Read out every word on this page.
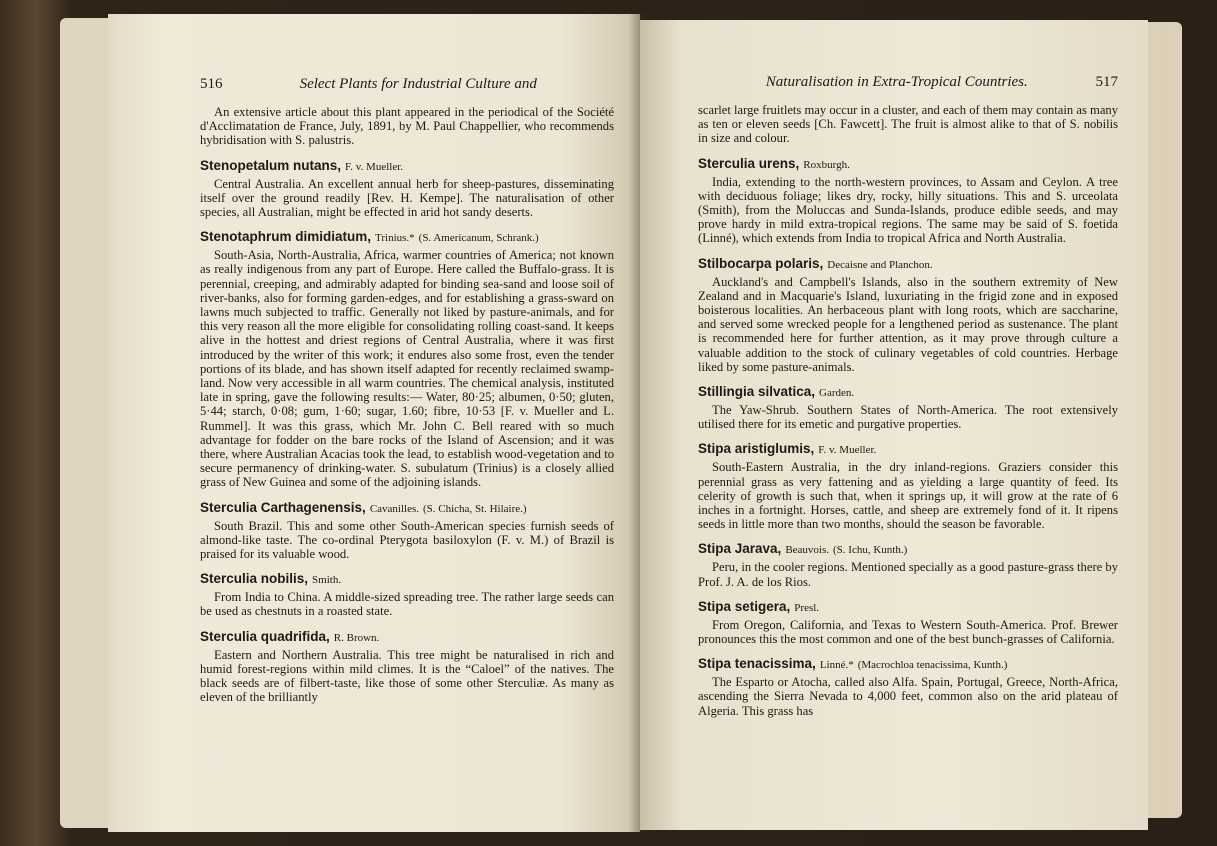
516	Select Plants for Industrial Culture and

An extensive article about this plant appeared in the periodical of the Société d'Acclimatation de France, July, 1891, by M. Paul Chappellier, who recommends hybridisation with S. palustris.

Stenopetalum nutans, F. v. Mueller.

Central Australia. An excellent annual herb for sheep-pastures, disseminating itself over the ground readily [Rev. H. Kempe]. The naturalisation of other species, all Australian, might be effected in arid hot sandy deserts.

Stenotaphrum dimidiatum, Trinius.* (S. Americanum, Schrank.)

South-Asia, North-Australia, Africa, warmer countries of America; not known as really indigenous from any part of Europe. Here called the Buffalo-grass. It is perennial, creeping, and admirably adapted for binding sea-sand and loose soil of river-banks, also for forming garden-edges, and for establishing a grass-sward on lawns much subjected to traffic. Generally not liked by pasture-animals, and for this very reason all the more eligible for consolidating rolling coast-sand. It keeps alive in the hottest and driest regions of Central Australia, where it was first introduced by the writer of this work; it endures also some frost, even the tender portions of its blade, and has shown itself adapted for recently reclaimed swamp-land. Now very accessible in all warm countries. The chemical analysis, instituted late in spring, gave the following results:— Water, 80·25; albumen, 0·50; gluten, 5·44; starch, 0·08; gum, 1·60; sugar, 1.60; fibre, 10·53 [F. v. Mueller and L. Rummel]. It was this grass, which Mr. John C. Bell reared with so much advantage for fodder on the bare rocks of the Island of Ascension; and it was there, where Australian Acacias took the lead, to establish wood-vegetation and to secure permanency of drinking-water. S. subulatum (Trinius) is a closely allied grass of New Guinea and some of the adjoining islands.

Sterculia Carthagenensis, Cavanilles. (S. Chicha, St. Hilaire.)

South Brazil. This and some other South-American species furnish seeds of almond-like taste. The co-ordinal Pterygota basiloxylon (F. v. M.) of Brazil is praised for its valuable wood.

Sterculia nobilis, Smith.

From India to China. A middle-sized spreading tree. The rather large seeds can be used as chestnuts in a roasted state.

Sterculia quadrifida, R. Brown.

Eastern and Northern Australia. This tree might be naturalised in rich and humid forest-regions within mild climes. It is the “Caloel” of the natives. The black seeds are of filbert-taste, like those of some other Sterculiæ. As many as eleven of the brilliantly

Naturalisation in Extra-Tropical Countries.	517

scarlet large fruitlets may occur in a cluster, and each of them may contain as many as ten or eleven seeds [Ch. Fawcett]. The fruit is almost alike to that of S. nobilis in size and colour.

Sterculia urens, Roxburgh.

India, extending to the north-western provinces, to Assam and Ceylon. A tree with deciduous foliage; likes dry, rocky, hilly situations. This and S. urceolata (Smith), from the Moluccas and Sunda-Islands, produce edible seeds, and may prove hardy in mild extra-tropical regions. The same may be said of S. foetida (Linné), which extends from India to tropical Africa and North Australia.

Stilbocarpa polaris, Decaisne and Planchon.

Auckland's and Campbell's Islands, also in the southern extremity of New Zealand and in Macquarie's Island, luxuriating in the frigid zone and in exposed boisterous localities. An herbaceous plant with long roots, which are saccharine, and served some wrecked people for a lengthened period as sustenance. The plant is recommended here for further attention, as it may prove through culture a valuable addition to the stock of culinary vegetables of cold countries. Herbage liked by some pasture-animals.

Stillingia silvatica, Garden.

The Yaw-Shrub. Southern States of North-America. The root extensively utilised there for its emetic and purgative properties.

Stipa aristiglumis, F. v. Mueller.

South-Eastern Australia, in the dry inland-regions. Graziers consider this perennial grass as very fattening and as yielding a large quantity of feed. Its celerity of growth is such that, when it springs up, it will grow at the rate of 6 inches in a fortnight. Horses, cattle, and sheep are extremely fond of it. It ripens seeds in little more than two months, should the season be favorable.

Stipa Jarava, Beauvois. (S. Ichu, Kunth.)

Peru, in the cooler regions. Mentioned specially as a good pasture-grass there by Prof. J. A. de los Rios.

Stipa setigera, Presl.

From Oregon, California, and Texas to Western South-America. Prof. Brewer pronounces this the most common and one of the best bunch-grasses of California.

Stipa tenacissima, Linné.* (Macrochloa tenacissima, Kunth.)

The Esparto or Atocha, called also Alfa. Spain, Portugal, Greece, North-Africa, ascending the Sierra Nevada to 4,000 feet, common also on the arid plateau of Algeria. This grass has
